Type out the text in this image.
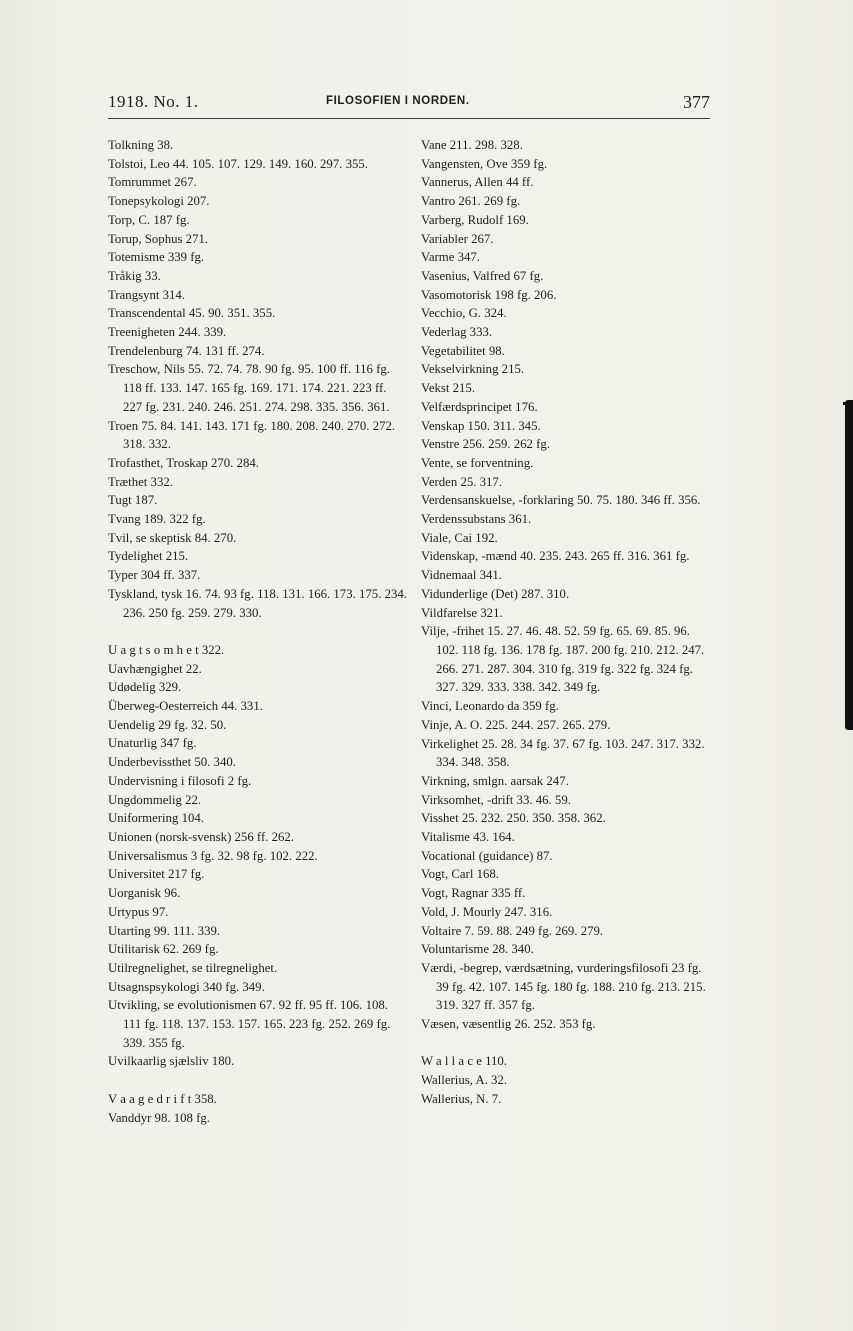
1918. No. 1.	FILOSOFIEN I NORDEN.	377
Tolkning 38.
Tolstoi, Leo 44. 105. 107. 129. 149. 160. 297. 355.
Tomrummet 267.
Tonepsykologi 207.
Torp, C. 187 fg.
Torup, Sophus 271.
Totemisme 339 fg.
Tråkig 33.
Trangsynt 314.
Transcendental 45. 90. 351. 355.
Treenigheten 244. 339.
Trendelenburg 74. 131 ff. 274.
Treschow, Nils 55. 72. 74. 78. 90 fg. 95. 100 ff. 116 fg. 118 ff. 133. 147. 165 fg. 169. 171. 174. 221. 223 ff. 227 fg. 231. 240. 246. 251. 274. 298. 335. 356. 361.
Troen 75. 84. 141. 143. 171 fg. 180. 208. 240. 270. 272. 318. 332.
Trofasthet, Troskap 270. 284.
Træthet 332.
Tugt 187.
Tvang 189. 322 fg.
Tvil, se skeptisk 84. 270.
Tydelighet 215.
Typer 304 ff. 337.
Tyskland, tysk 16. 74. 93 fg. 118. 131. 166. 173. 175. 234. 236. 250 fg. 259. 279. 330.
U a g t s o m h e t 322.
Uavhængighet 22.
Udødelig 329.
Überweg-Oesterreich 44. 331.
Uendelig 29 fg. 32. 50.
Unaturlig 347 fg.
Underbevissthet 50. 340.
Undervisning i filosofi 2 fg.
Ungdommelig 22.
Uniformering 104.
Unionen (norsk-svensk) 256 ff. 262.
Universalismus 3 fg. 32. 98 fg. 102. 222.
Universitet 217 fg.
Uorganisk 96.
Urtypus 97.
Utarting 99. 111. 339.
Utilitarisk 62. 269 fg.
Utilregnelighet, se tilregnelighet.
Utsagnspsykologi 340 fg. 349.
Utvikling, se evolutionismen 67. 92 ff. 95 ff. 106. 108. 111 fg. 118. 137. 153. 157. 165. 223 fg. 252. 269 fg. 339. 355 fg.
Uvilkaarlig sjælsliv 180.
V a a g e d r i f t 358.
Vanddyr 98. 108 fg.
Vane 211. 298. 328.
Vangensten, Ove 359 fg.
Vannerus, Allen 44 ff.
Vantro 261. 269 fg.
Varberg, Rudolf 169.
Variabler 267.
Varme 347.
Vasenius, Valfred 67 fg.
Vasomotorisk 198 fg. 206.
Vecchio, G. 324.
Vederlag 333.
Vegetabilitet 98.
Vekselvirkning 215.
Vekst 215.
Velfærdsprincipet 176.
Venskap 150. 311. 345.
Venstre 256. 259. 262 fg.
Vente, se forventning.
Verden 25. 317.
Verdensanskuelse, -forklaring 50. 75. 180. 346 ff. 356.
Verdenssubstans 361.
Viale, Cai 192.
Videnskap, -mænd 40. 235. 243. 265 ff. 316. 361 fg.
Vidnemaal 341.
Vidunderlige (Det) 287. 310.
Vildfarelse 321.
Vilje, -frihet 15. 27. 46. 48. 52. 59 fg. 65. 69. 85. 96. 102. 118 fg. 136. 178 fg. 187. 200 fg. 210. 212. 247. 266. 271. 287. 304. 310 fg. 319 fg. 322 fg. 324 fg. 327. 329. 333. 338. 342. 349 fg.
Vinci, Leonardo da 359 fg.
Vinje, A. O. 225. 244. 257. 265. 279.
Virkelighet 25. 28. 34 fg. 37. 67 fg. 103. 247. 317. 332. 334. 348. 358.
Virkning, smlgn. aarsak 247.
Virksomhet, -drift 33. 46. 59.
Visshet 25. 232. 250. 350. 358. 362.
Vitalisme 43. 164.
Vocational (guidance) 87.
Vogt, Carl 168.
Vogt, Ragnar 335 ff.
Vold, J. Mourly 247. 316.
Voltaire 7. 59. 88. 249 fg. 269. 279.
Voluntarisme 28. 340.
Værdi, -begrep, værdsætning, vurderingsfilosofi 23 fg. 39 fg. 42. 107. 145 fg. 180 fg. 188. 210 fg. 213. 215. 319. 327 ff. 357 fg.
Væsen, væsentlig 26. 252. 353 fg.
W a l l a c e 110.
Wallerius, A. 32.
Wallerius, N. 7.
